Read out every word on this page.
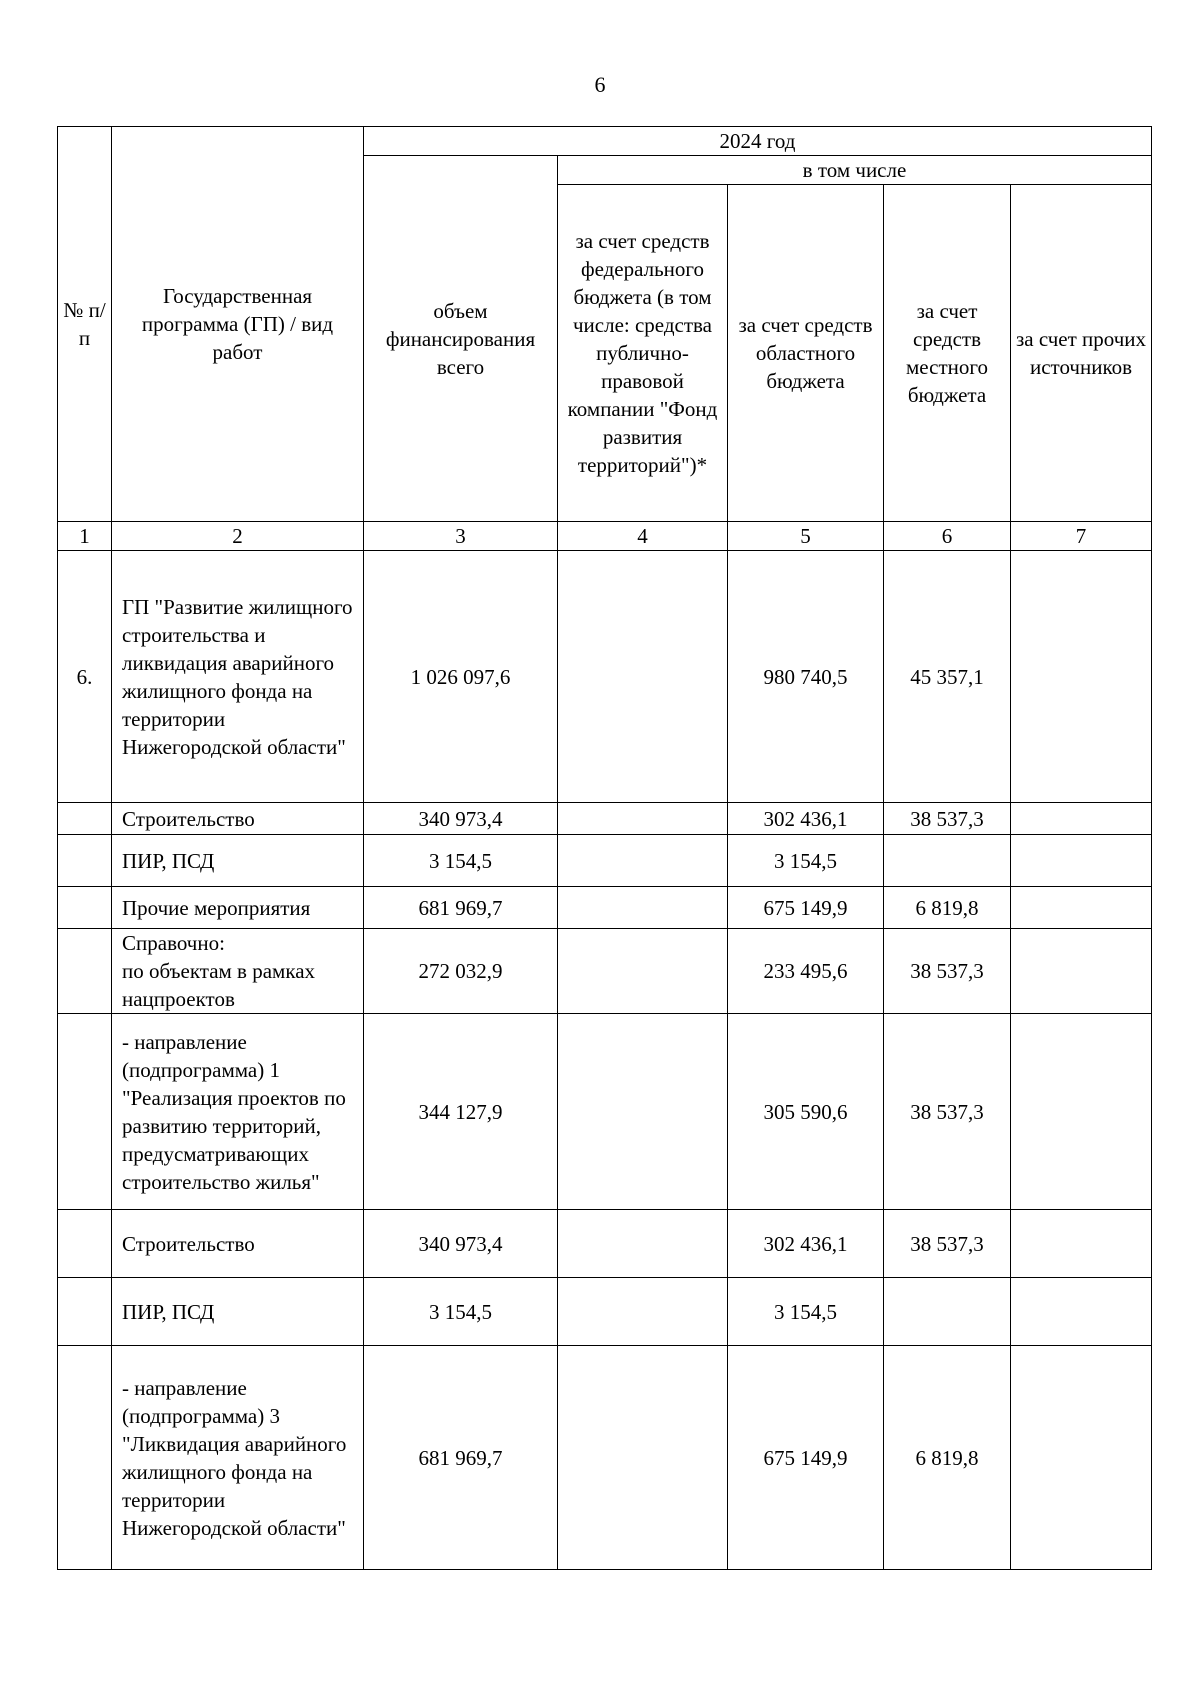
6
№ п/п	Государственная программа (ГП) / вид работ	2024 год				
		объем финансирования всего	в том числе			
			за счет средств федерального бюджета (в том числе: средства публично-правовой компании "Фонд развития территорий")*	за счет средств областного бюджета	за счет средств местного бюджета	за счет прочих источников
1	2	3	4	5	6	7
6.	ГП "Развитие жилищного строительства и ликвидация аварийного жилищного фонда на территории Нижегородской области"	1 026 097,6		980 740,5	45 357,1	
	Строительство	340 973,4		302 436,1	38 537,3	
	ПИР, ПСД	3 154,5		3 154,5		
	Прочие мероприятия	681 969,7		675 149,9	6 819,8	
	Справочно:
по объектам в рамках нацпроектов	272 032,9		233 495,6	38 537,3	
	- направление (подпрограмма) 1 "Реализация проектов по развитию территорий, предусматривающих строительство жилья"	344 127,9		305 590,6	38 537,3	
	Строительство	340 973,4		302 436,1	38 537,3	
	ПИР, ПСД	3 154,5		3 154,5		
	- направление (подпрограмма) 3 "Ликвидация аварийного жилищного фонда на территории Нижегородской области"	681 969,7		675 149,9	6 819,8	
